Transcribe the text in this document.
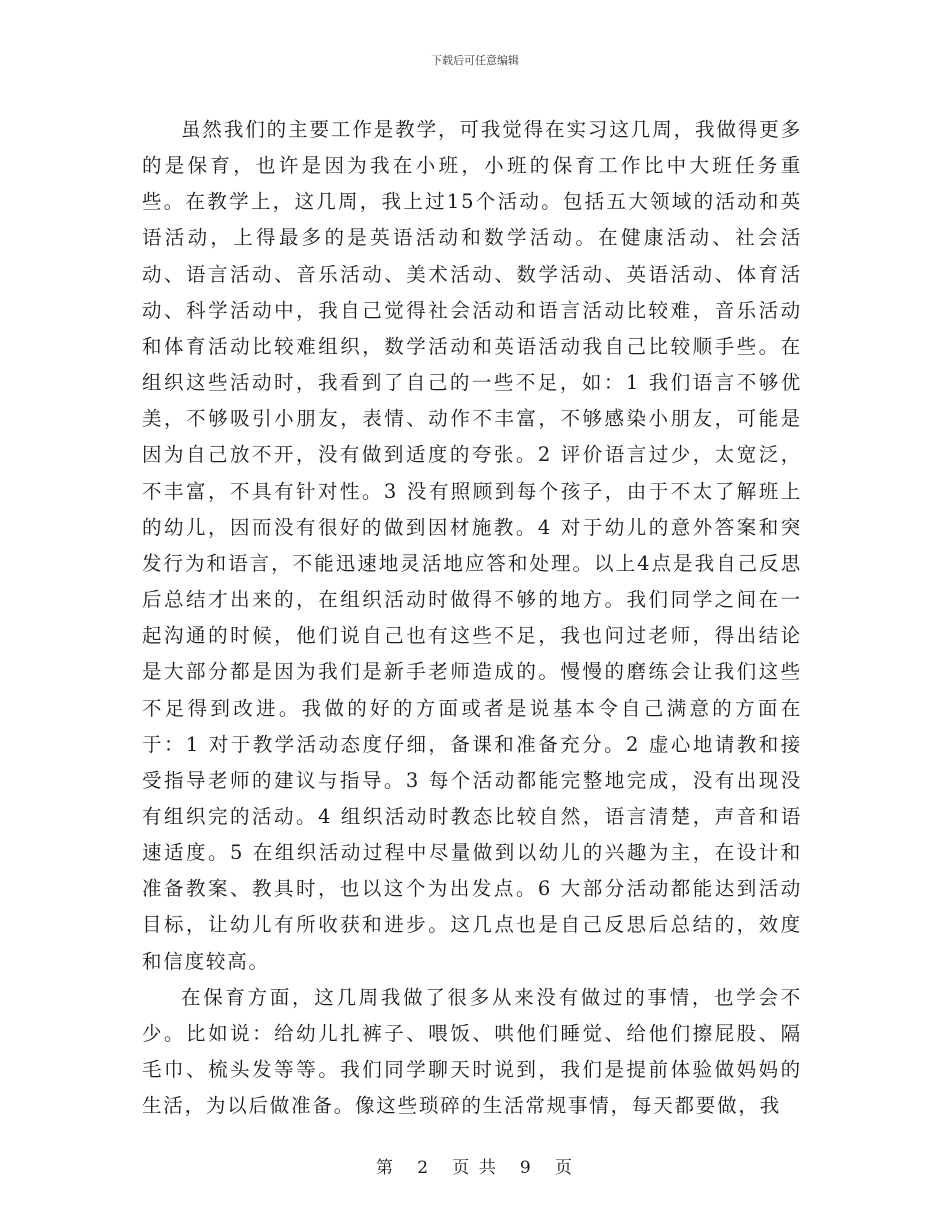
下载后可任意编辑

虽然我们的主要工作是教学，可我觉得在实习这几周，我做得更多的是保育，也许是因为我在小班，小班的保育工作比中大班任务重些。在教学上，这几周，我上过15个活动。包括五大领域的活动和英语活动，上得最多的是英语活动和数学活动。在健康活动、社会活动、语言活动、音乐活动、美术活动、数学活动、英语活动、体育活动、科学活动中，我自己觉得社会活动和语言活动比较难，音乐活动和体育活动比较难组织，数学活动和英语活动我自己比较顺手些。在组织这些活动时，我看到了自己的一些不足，如：1 我们语言不够优美，不够吸引小朋友，表情、动作不丰富，不够感染小朋友，可能是因为自己放不开，没有做到适度的夸张。2 评价语言过少，太宽泛，不丰富，不具有针对性。3 没有照顾到每个孩子，由于不太了解班上的幼儿，因而没有很好的做到因材施教。4 对于幼儿的意外答案和突发行为和语言，不能迅速地灵活地应答和处理。以上4点是我自己反思后总结才出来的，在组织活动时做得不够的地方。我们同学之间在一起沟通的时候，他们说自己也有这些不足，我也问过老师，得出结论是大部分都是因为我们是新手老师造成的。慢慢的磨练会让我们这些不足得到改进。我做的好的方面或者是说基本令自己满意的方面在于：1 对于教学活动态度仔细，备课和准备充分。2 虚心地请教和接受指导老师的建议与指导。3 每个活动都能完整地完成，没有出现没有组织完的活动。4 组织活动时教态比较自然，语言清楚，声音和语速适度。5 在组织活动过程中尽量做到以幼儿的兴趣为主，在设计和准备教案、教具时，也以这个为出发点。6 大部分活动都能达到活动目标，让幼儿有所收获和进步。这几点也是自己反思后总结的，效度和信度较高。

在保育方面，这几周我做了很多从来没有做过的事情，也学会不少。比如说：给幼儿扎裤子、喂饭、哄他们睡觉、给他们擦屁股、隔毛巾、梳头发等等。我们同学聊天时说到，我们是提前体验做妈妈的生活，为以后做准备。像这些琐碎的生活常规事情，每天都要做，我

第 2 页 共 9 页
